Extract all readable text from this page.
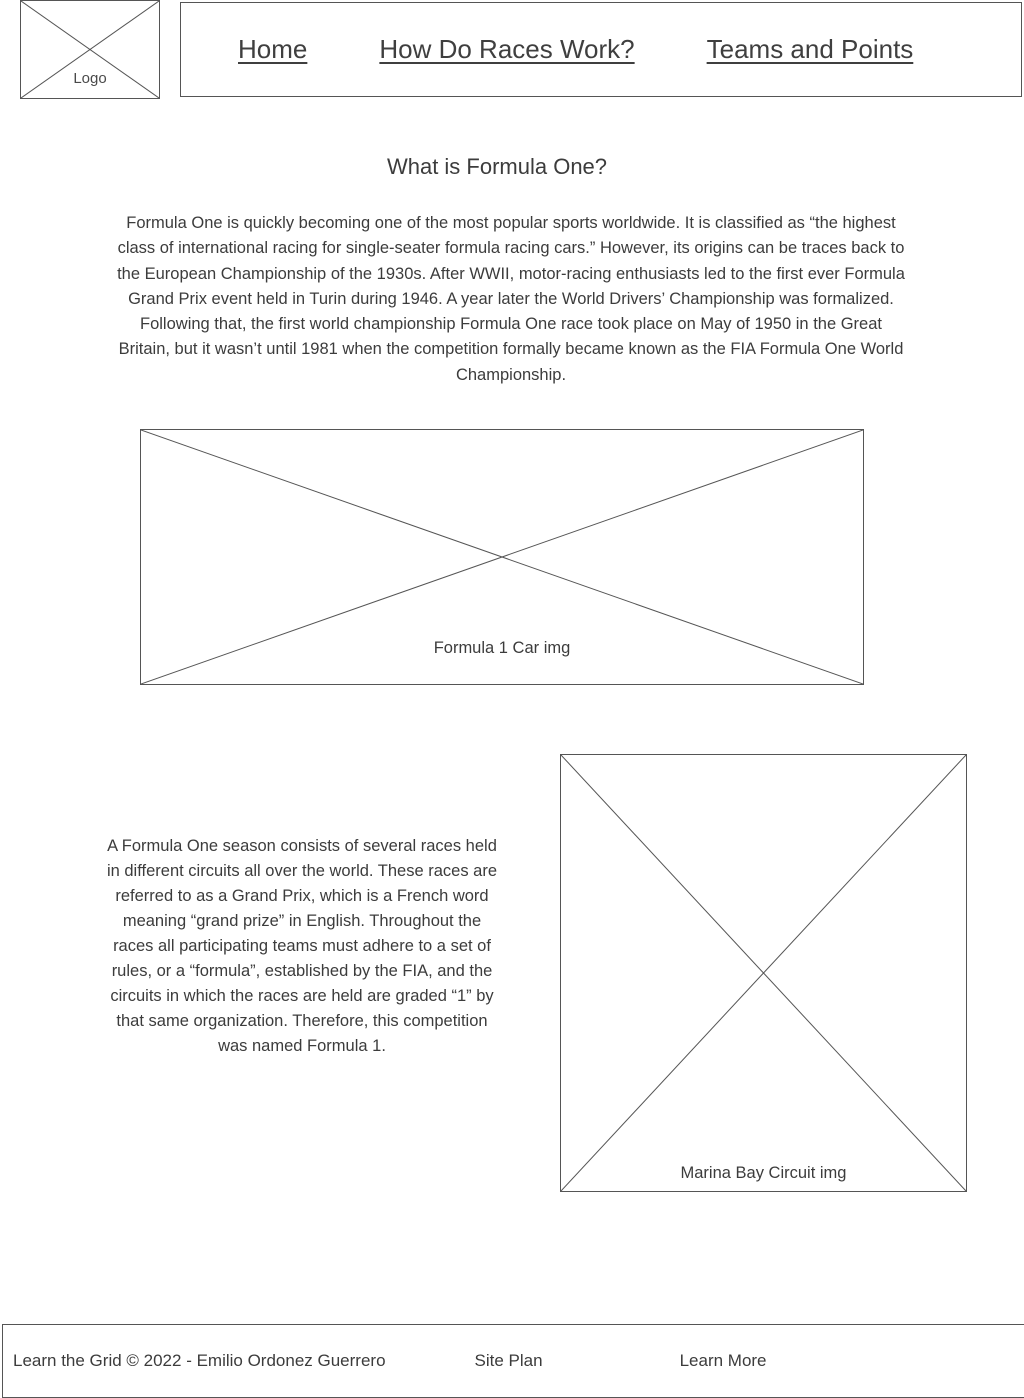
Logo
Home	How Do Races Work?	Teams and Points
What is Formula One?

Formula One is quickly becoming one of the most popular sports worldwide. It is classified as “the highest class of international racing for single-seater formula racing cars.” However, its origins can be traces back to the European Championship of the 1930s. After WWII, motor-racing enthusiasts led to the first ever Formula Grand Prix event held in Turin during 1946. A year later the World Drivers’ Championship was formalized. Following that, the first world championship Formula One race took place on May of 1950 in the Great Britain, but it wasn’t until 1981 when the competition formally became known as the FIA Formula One World Championship.

Formula 1 Car img

A Formula One season consists of several races held in different circuits all over the world. These races are referred to as a Grand Prix, which is a French word meaning “grand prize” in English. Throughout the races all participating teams must adhere to a set of rules, or a “formula”, established by the FIA, and the circuits in which the races are held are graded “1” by that same organization. Therefore, this competition was named Formula 1.

Marina Bay Circuit img
Learn the Grid © 2022 - Emilio Ordonez Guerrero	Site Plan	Learn More
